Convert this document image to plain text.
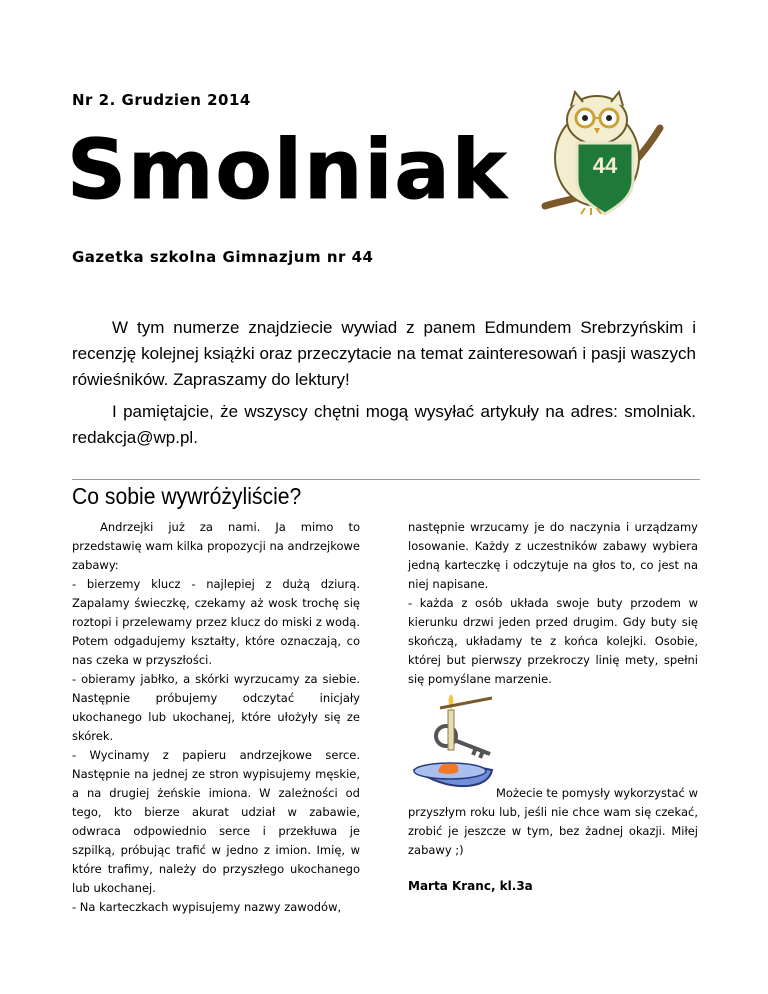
Nr 2. Grudzien 2014
Smolniak	44
Gazetka szkolna Gimnazjum nr 44
W tym numerze znajdziecie wywiad z panem Edmundem Srebrzyńskim i recenzję kolejnej książki oraz przeczytacie na temat zainteresowań i pasji waszych rówieśników. Zapraszamy do lektury!
I pamiętajcie, że wszyscy chętni mogą wysyłać artykuły na adres: smolniak. redakcja@wp.pl.
Co sobie wywróżyliście?

Andrzejki już za nami. Ja mimo to przedstawię wam kilka propozycji na andrzejkowe zabawy:

- bierzemy klucz - najlepiej z dużą dziurą. Zapalamy świeczkę, czekamy aż wosk trochę się roztopi i przelewamy przez klucz do miski z wodą. Potem odgadujemy kształty, które oznaczają, co nas czeka w przyszłości.

- obieramy jabłko, a skórki wyrzucamy za siebie. Następnie próbujemy odczytać inicjały ukochanego lub ukochanej, które ułożyły się ze skórek.

- Wycinamy z papieru andrzejkowe serce. Następnie na jednej ze stron wypisujemy męskie, a na drugiej żeńskie imiona. W zależności od tego, kto bierze akurat udział w zabawie, odwraca odpowiednio serce i przekłuwa je szpilką, próbując trafić w jedno z imion. Imię, w które trafimy, należy do przyszłego ukochanego lub ukochanej.

- Na karteczkach wypisujemy nazwy zawodów,

następnie wrzucamy je do naczynia i urządzamy losowanie. Każdy z uczestników zabawy wybiera jedną karteczkę i odczytuje na głos to, co jest na niej napisane.

- każda z osób układa swoje buty przodem w kierunku drzwi jeden przed drugim. Gdy buty się skończą, układamy te z końca kolejki. Osobie, której but pierwszy przekroczy linię mety, spełni się pomyślane marzenie.

Możecie te pomysły wykorzystać w przyszłym roku lub, jeśli nie chce wam się czekać, zrobić je jeszcze w tym, bez żadnej okazji. Miłej zabawy ;)
Marta Kranc, kl.3a
